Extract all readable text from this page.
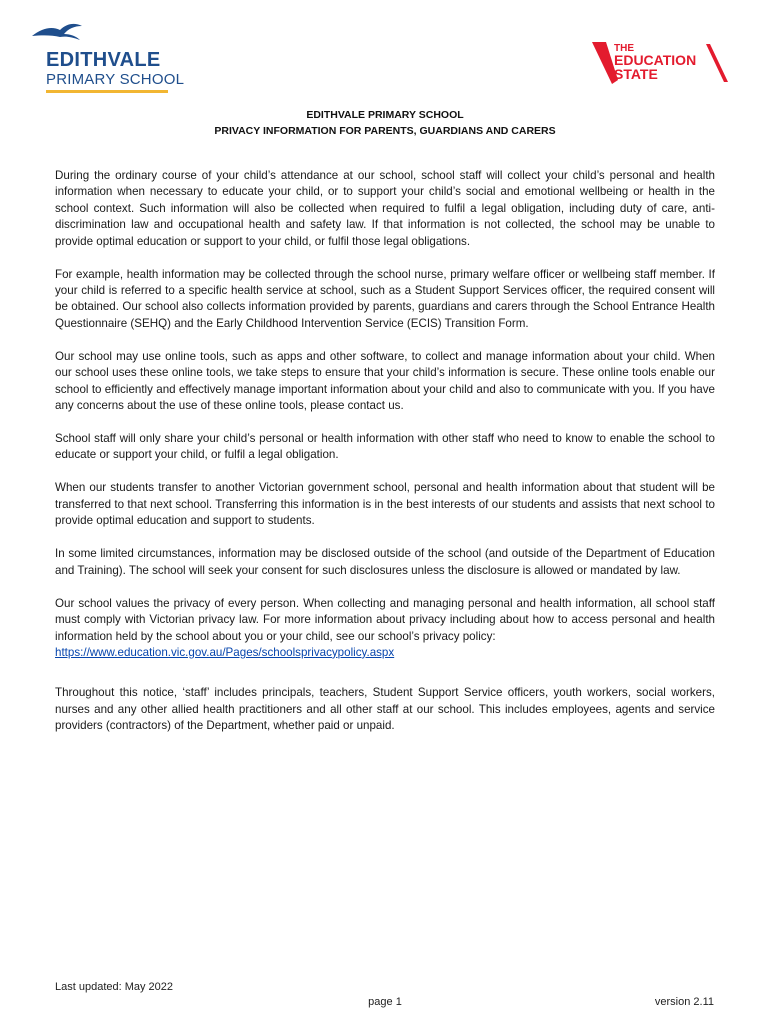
EDITHVALE
PRIMARY SCHOOL
THE
EDUCATION
STATE
EDITHVALE PRIMARY SCHOOL
PRIVACY INFORMATION FOR PARENTS, GUARDIANS AND CARERS

During the ordinary course of your child’s attendance at our school, school staff will collect your child’s personal and health information when necessary to educate your child, or to support your child’s social and emotional wellbeing or health in the school context. Such information will also be collected when required to fulfil a legal obligation, including duty of care, anti-discrimination law and occupational health and safety law. If that information is not collected, the school may be unable to provide optimal education or support to your child, or fulfil those legal obligations.

For example, health information may be collected through the school nurse, primary welfare officer or wellbeing staff member. If your child is referred to a specific health service at school, such as a Student Support Services officer, the required consent will be obtained. Our school also collects information provided by parents, guardians and carers through the School Entrance Health Questionnaire (SEHQ) and the Early Childhood Intervention Service (ECIS) Transition Form.

Our school may use online tools, such as apps and other software, to collect and manage information about your child. When our school uses these online tools, we take steps to ensure that your child’s information is secure. These online tools enable our school to efficiently and effectively manage important information about your child and also to communicate with you. If you have any concerns about the use of these online tools, please contact us.

School staff will only share your child’s personal or health information with other staff who need to know to enable the school to educate or support your child, or fulfil a legal obligation.

When our students transfer to another Victorian government school, personal and health information about that student will be transferred to that next school. Transferring this information is in the best interests of our students and assists that next school to provide optimal education and support to students.

In some limited circumstances, information may be disclosed outside of the school (and outside of the Department of Education and Training). The school will seek your consent for such disclosures unless the disclosure is allowed or mandated by law.

Our school values the privacy of every person. When collecting and managing personal and health information, all school staff must comply with Victorian privacy law. For more information about privacy including about how to access personal and health information held by the school about you or your child, see our school’s privacy policy:
https://www.education.vic.gov.au/Pages/schoolsprivacypolicy.aspx

Throughout this notice, ‘staff’ includes principals, teachers, Student Support Service officers, youth workers, social workers, nurses and any other allied health practitioners and all other staff at our school. This includes employees, agents and service providers (contractors) of the Department, whether paid or unpaid.

Last updated: May 2022
page 1	version 2.11
